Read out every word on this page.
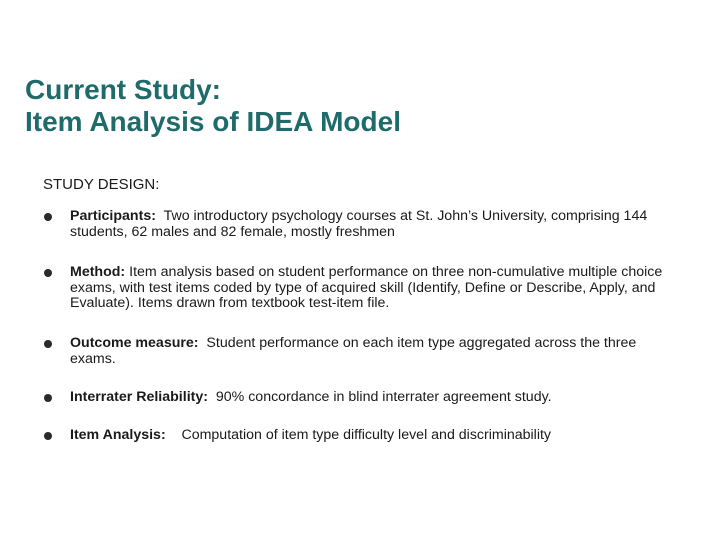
Current Study:
Item Analysis of IDEA Model
STUDY DESIGN:
Participants: Two introductory psychology courses at St. John’s University, comprising 144 students, 62 males and 82 female, mostly freshmen
Method: Item analysis based on student performance on three non-cumulative multiple choice exams, with test items coded by type of acquired skill (Identify, Define or Describe, Apply, and Evaluate). Items drawn from textbook test-item file.
Outcome measure: Student performance on each item type aggregated across the three exams.
Interrater Reliability: 90% concordance in blind interrater agreement study.
Item Analysis: Computation of item type difficulty level and discriminability
